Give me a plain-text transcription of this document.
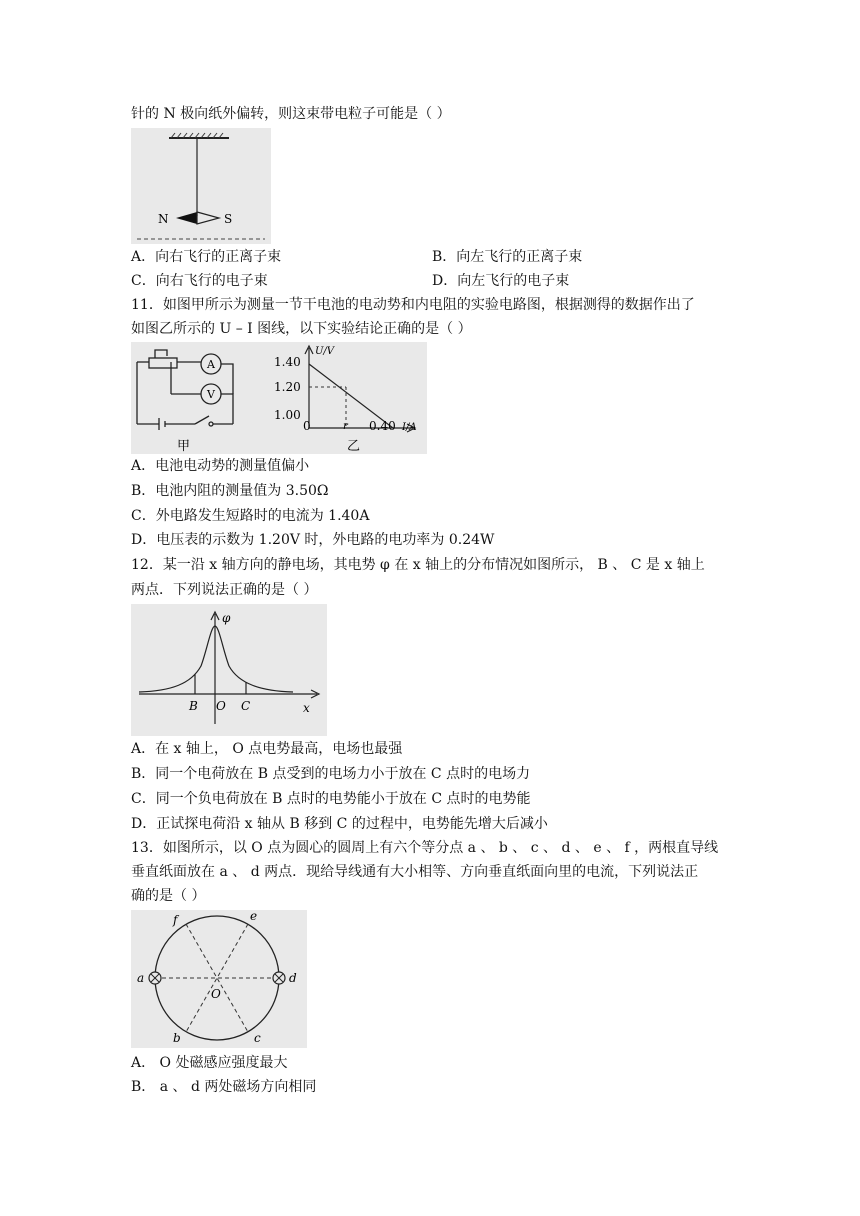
针的 N 极向纸外偏转，则这束带电粒子可能是（ ）
N	S
A．向右飞行的正离子束	B．向左飞行的正离子束
C．向右飞行的电子束	D．向左飞行的电子束
11．如图甲所示为测量一节干电池的电动势和内电阻的实验电路图，根据测得的数据作出了
如图乙所示的 U – I 图线，以下实验结论正确的是（ ）
A
V
甲
U/V
1.40
1.20
1.00
0	r 0.40 I/A
乙
A．电池电动势的测量值偏小
B．电池内阻的测量值为 3.50Ω
C．外电路发生短路时的电流为 1.40A
D．电压表的示数为 1.20V 时，外电路的电功率为 0.24W
12．某一沿 x 轴方向的静电场，其电势 φ 在 x 轴上的分布情况如图所示， B 、 C 是 x 轴上
两点．下列说法正确的是（ ）
φ
x
B O C
A．在 x 轴上， O 点电势最高，电场也最强
B．同一个电荷放在 B 点受到的电场力小于放在 C 点时的电场力
C．同一个负电荷放在 B 点时的电势能小于放在 C 点时的电势能
D．正试探电荷沿 x 轴从 B 移到 C 的过程中，电势能先增大后减小
13．如图所示，以 O 点为圆心的圆周上有六个等分点 a 、 b 、 c 、 d 、 e 、 f ，两根直导线
垂直纸面放在 a 、 d 两点．现给导线通有大小相等、方向垂直纸面向里的电流，下列说法正
确的是（ ）
a	d
f	e
b	c
O
A． O 处磁感应强度最大
B． a 、 d 两处磁场方向相同
